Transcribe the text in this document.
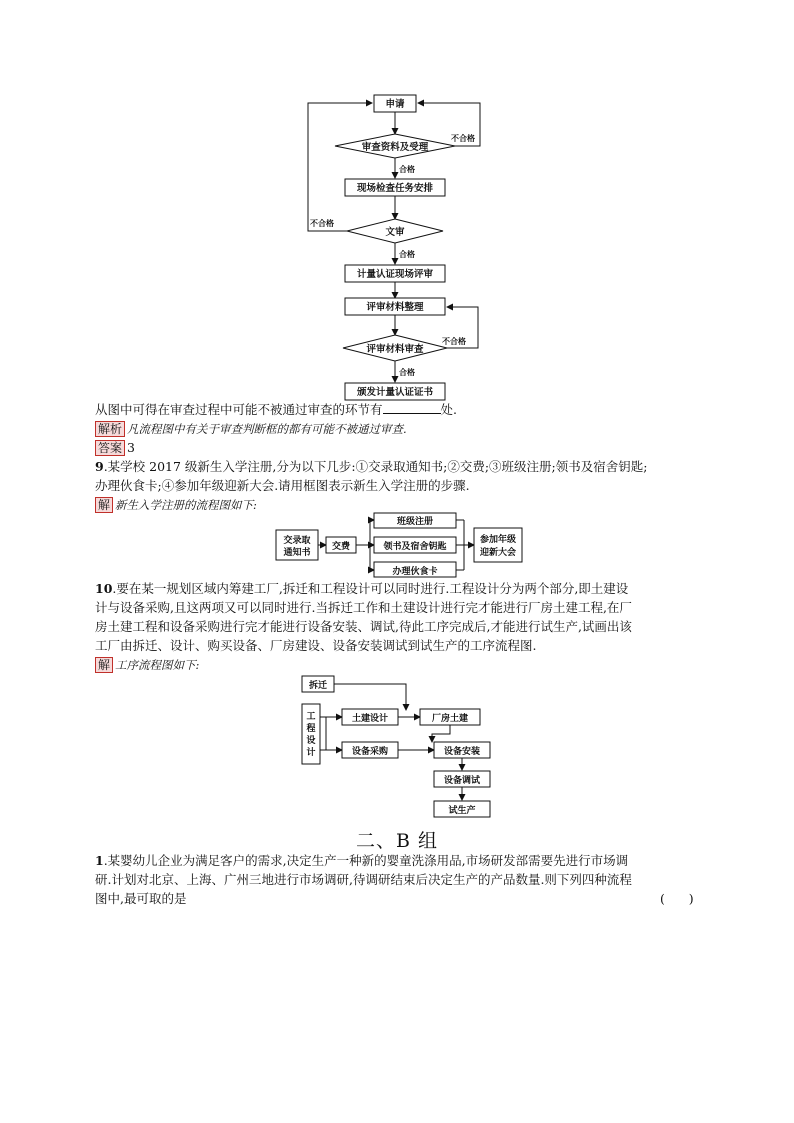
申请
审查资料及受理
现场检查任务安排
文审
计量认证现场评审
评审材料整理
评审材料审查
颁发计量认证证书
合格
不合格
不合格
合格
不合格
合格
从图中可得在审查过程中可能不被通过审查的环节有	处.
解析 凡流程图中有关于审查判断框的都有可能不被通过审查.
答案 3
9.某学校 2017 级新生入学注册,分为以下几步:①交录取通知书;②交费;③班级注册;领书及宿舍钥匙;
办理伙食卡;④参加年级迎新大会.请用框图表示新生入学注册的步骤.
解 新生入学注册的流程图如下:
交录取
通知书
交费
班级注册
领书及宿舍钥匙
办理伙食卡
参加年级
迎新大会
10.要在某一规划区域内筹建工厂,拆迁和工程设计可以同时进行.工程设计分为两个部分,即土建设
计与设备采购,且这两项又可以同时进行.当拆迁工作和土建设计进行完才能进行厂房土建工程,在厂
房土建工程和设备采购进行完才能进行设备安装、调试,待此工序完成后,才能进行试生产,试画出该
工厂由拆迁、设计、购买设备、厂房建设、设备安装调试到试生产的工序流程图.
解 工序流程图如下:
拆迁
工
程
设
计
土建设计	厂房土建
设备采购	设备安装
设备调试
试生产
二、B 组
1.某婴幼儿企业为满足客户的需求,决定生产一种新的婴童洗涤用品,市场研发部需要先进行市场调
研.计划对北京、上海、广州三地进行市场调研,待调研结束后决定生产的产品数量.则下列四种流程
图中,最可取的是	(      )
